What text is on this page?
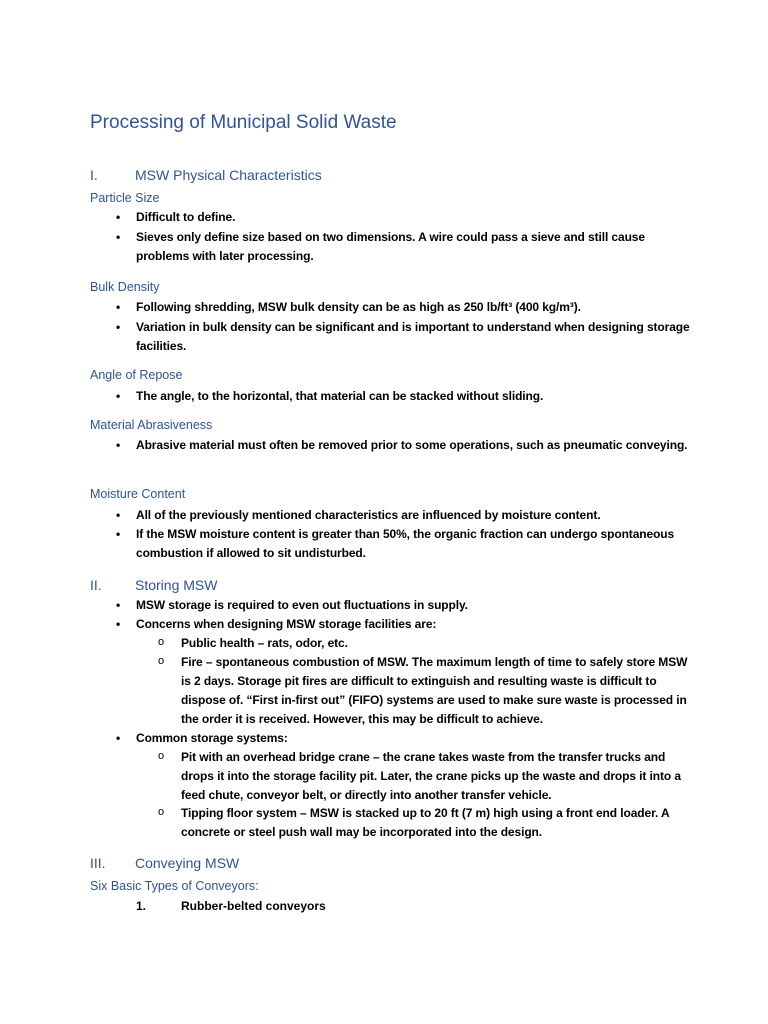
Processing of Municipal Solid Waste
I.	MSW Physical Characteristics
Particle Size
• Difficult to define.
• Sieves only define size based on two dimensions. A wire could pass a sieve and still cause problems with later processing.
Bulk Density
• Following shredding, MSW bulk density can be as high as 250 lb/ft³ (400 kg/m³).
• Variation in bulk density can be significant and is important to understand when designing storage facilities.
Angle of Repose
• The angle, to the horizontal, that material can be stacked without sliding.
Material Abrasiveness
• Abrasive material must often be removed prior to some operations, such as pneumatic conveying.
Moisture Content
• All of the previously mentioned characteristics are influenced by moisture content.
• If the MSW moisture content is greater than 50%, the organic fraction can undergo spontaneous combustion if allowed to sit undisturbed.
II. Storing MSW
• MSW storage is required to even out fluctuations in supply.
• Concerns when designing MSW storage facilities are:
o Public health – rats, odor, etc.
o Fire – spontaneous combustion of MSW. The maximum length of time to safely store MSW is 2 days. Storage pit fires are difficult to extinguish and resulting waste is difficult to dispose of. “First in-first out” (FIFO) systems are used to make sure waste is processed in the order it is received. However, this may be difficult to achieve.
• Common storage systems:
o Pit with an overhead bridge crane – the crane takes waste from the transfer trucks and drops it into the storage facility pit. Later, the crane picks up the waste and drops it into a feed chute, conveyor belt, or directly into another transfer vehicle.
o Tipping floor system – MSW is stacked up to 20 ft (7 m) high using a front end loader. A concrete or steel push wall may be incorporated into the design.
III. Conveying MSW
Six Basic Types of Conveyors:
1.	Rubber-belted conveyors
